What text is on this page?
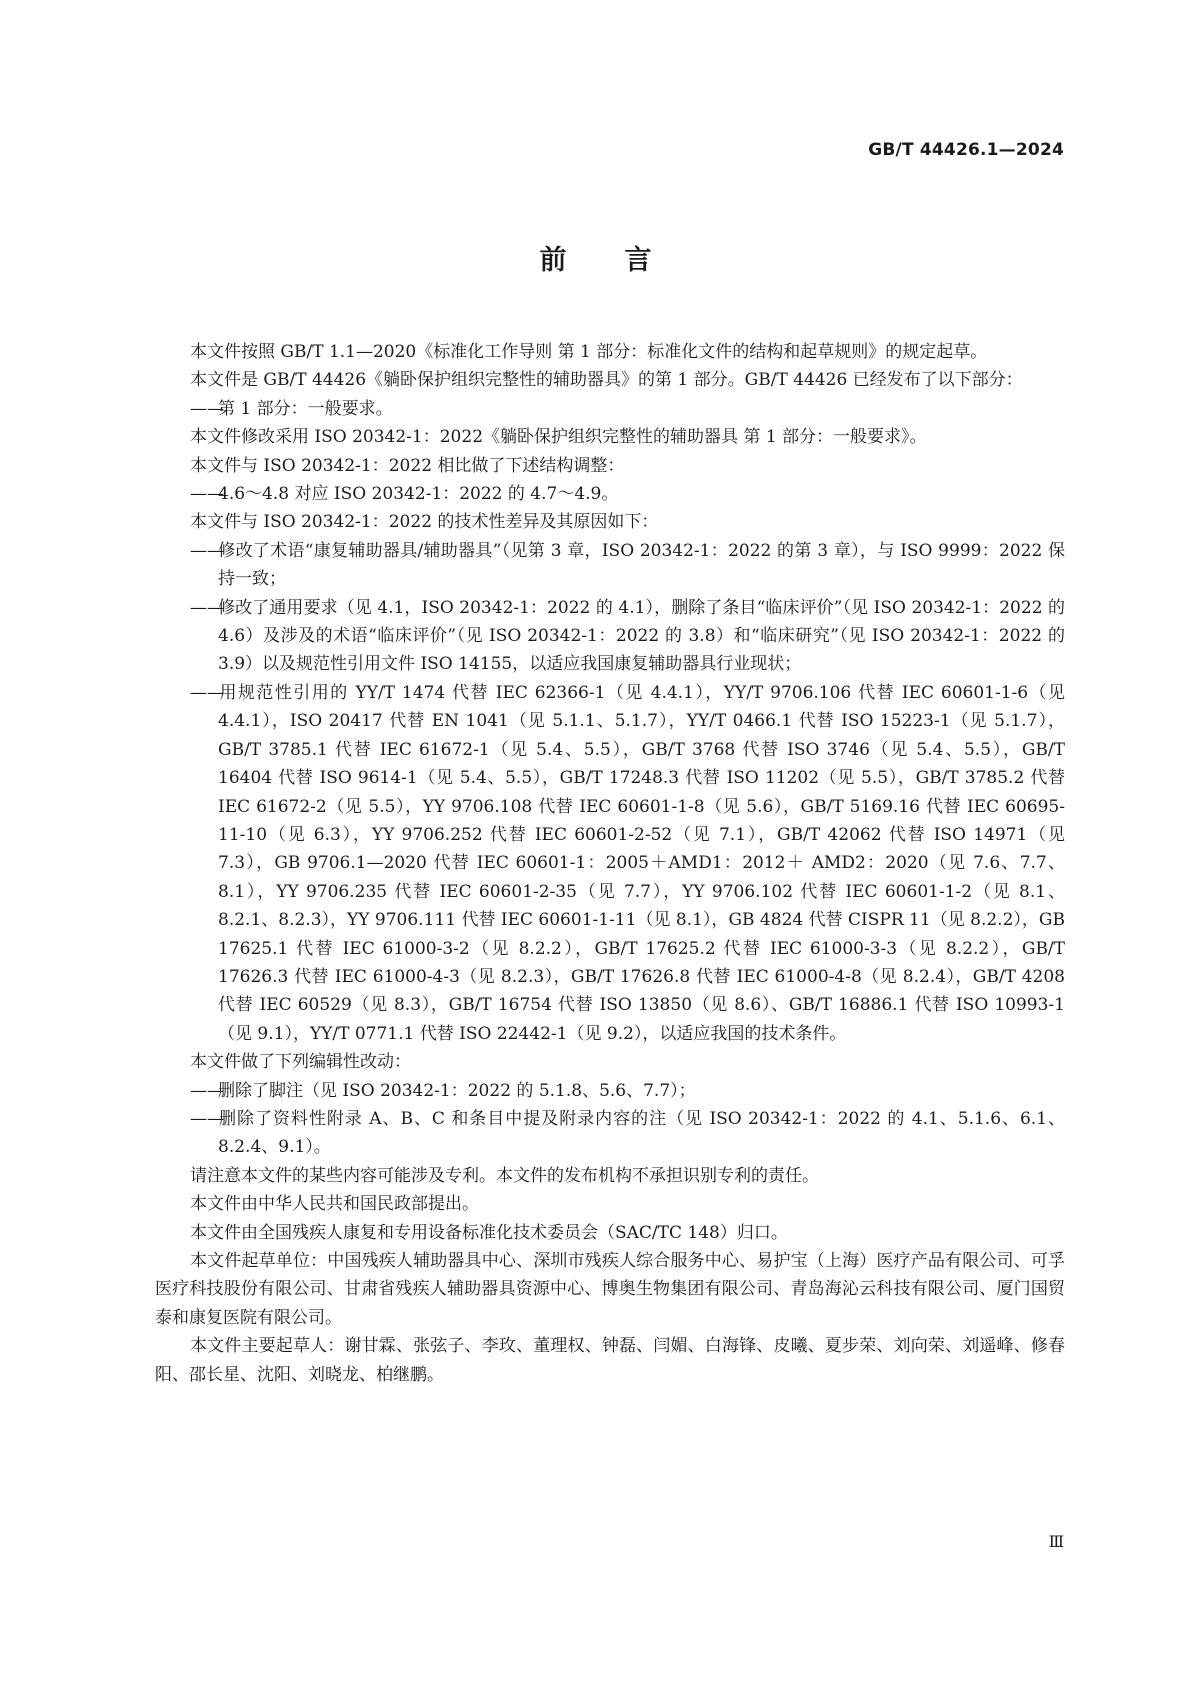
GB/T 44426.1—2024
前言

本文件按照 GB/T 1.1—2020《标准化工作导则 第 1 部分：标准化文件的结构和起草规则》的规定起草。

本文件是 GB/T 44426《躺卧保护组织完整性的辅助器具》的第 1 部分。GB/T 44426 已经发布了以下部分：

——第 1 部分：一般要求。

本文件修改采用 ISO 20342-1：2022《躺卧保护组织完整性的辅助器具 第 1 部分：一般要求》。

本文件与 ISO 20342-1：2022 相比做了下述结构调整：

——4.6～4.8 对应 ISO 20342-1：2022 的 4.7～4.9。

本文件与 ISO 20342-1：2022 的技术性差异及其原因如下：

——修改了术语“康复辅助器具/辅助器具”（见第 3 章，ISO 20342-1：2022 的第 3 章），与 ISO 9999：2022 保持一致；

——修改了通用要求（见 4.1，ISO 20342-1：2022 的 4.1），删除了条目“临床评价”（见 ISO 20342-1：2022 的 4.6）及涉及的术语“临床评价”（见 ISO 20342-1：2022 的 3.8）和“临床研究”（见 ISO 20342-1：2022 的 3.9）以及规范性引用文件 ISO 14155，以适应我国康复辅助器具行业现状；

——用规范性引用的 YY/T 1474 代替 IEC 62366-1（见 4.4.1），YY/T 9706.106 代替 IEC 60601-1-6（见 4.4.1），ISO 20417 代替 EN 1041（见 5.1.1、5.1.7），YY/T 0466.1 代替 ISO 15223-1（见 5.1.7），GB/T 3785.1 代替 IEC 61672-1（见 5.4、5.5），GB/T 3768 代替 ISO 3746（见 5.4、5.5），GB/T 16404 代替 ISO 9614-1（见 5.4、5.5），GB/T 17248.3 代替 ISO 11202（见 5.5），GB/T 3785.2 代替 IEC 61672-2（见 5.5），YY 9706.108 代替 IEC 60601-1-8（见 5.6），GB/T 5169.16 代替 IEC 60695-11-10（见 6.3），YY 9706.252 代替 IEC 60601-2-52（见 7.1），GB/T 42062 代替 ISO 14971（见 7.3），GB 9706.1—2020 代替 IEC 60601-1：2005＋AMD1：2012＋ AMD2：2020（见 7.6、7.7、8.1），YY 9706.235 代替 IEC 60601-2-35（见 7.7），YY 9706.102 代替 IEC 60601-1-2（见 8.1、8.2.1、8.2.3），YY 9706.111 代替 IEC 60601-1-11（见 8.1），GB 4824 代替 CISPR 11（见 8.2.2），GB 17625.1 代替 IEC 61000-3-2（见 8.2.2），GB/T 17625.2 代替 IEC 61000-3-3（见 8.2.2），GB/T 17626.3 代替 IEC 61000-4-3（见 8.2.3），GB/T 17626.8 代替 IEC 61000-4-8（见 8.2.4），GB/T 4208 代替 IEC 60529（见 8.3），GB/T 16754 代替 ISO 13850（见 8.6）、GB/T 16886.1 代替 ISO 10993-1（见 9.1），YY/T 0771.1 代替 ISO 22442-1（见 9.2），以适应我国的技术条件。

本文件做了下列编辑性改动：

——删除了脚注（见 ISO 20342-1：2022 的 5.1.8、5.6、7.7）；

——删除了资料性附录 A、B、C 和条目中提及附录内容的注（见 ISO 20342-1：2022 的 4.1、5.1.6、6.1、8.2.4、9.1）。

请注意本文件的某些内容可能涉及专利。本文件的发布机构不承担识别专利的责任。

本文件由中华人民共和国民政部提出。

本文件由全国残疾人康复和专用设备标准化技术委员会（SAC/TC 148）归口。

本文件起草单位：中国残疾人辅助器具中心、深圳市残疾人综合服务中心、易护宝（上海）医疗产品有限公司、可孚医疗科技股份有限公司、甘肃省残疾人辅助器具资源中心、博奥生物集团有限公司、青岛海沁云科技有限公司、厦门国贸泰和康复医院有限公司。

本文件主要起草人：谢甘霖、张弦子、李玫、董理权、钟磊、闫媚、白海锋、皮曦、夏步荣、刘向荣、刘遥峰、修春阳、邵长星、沈阳、刘晓龙、柏继鹏。

Ⅲ
